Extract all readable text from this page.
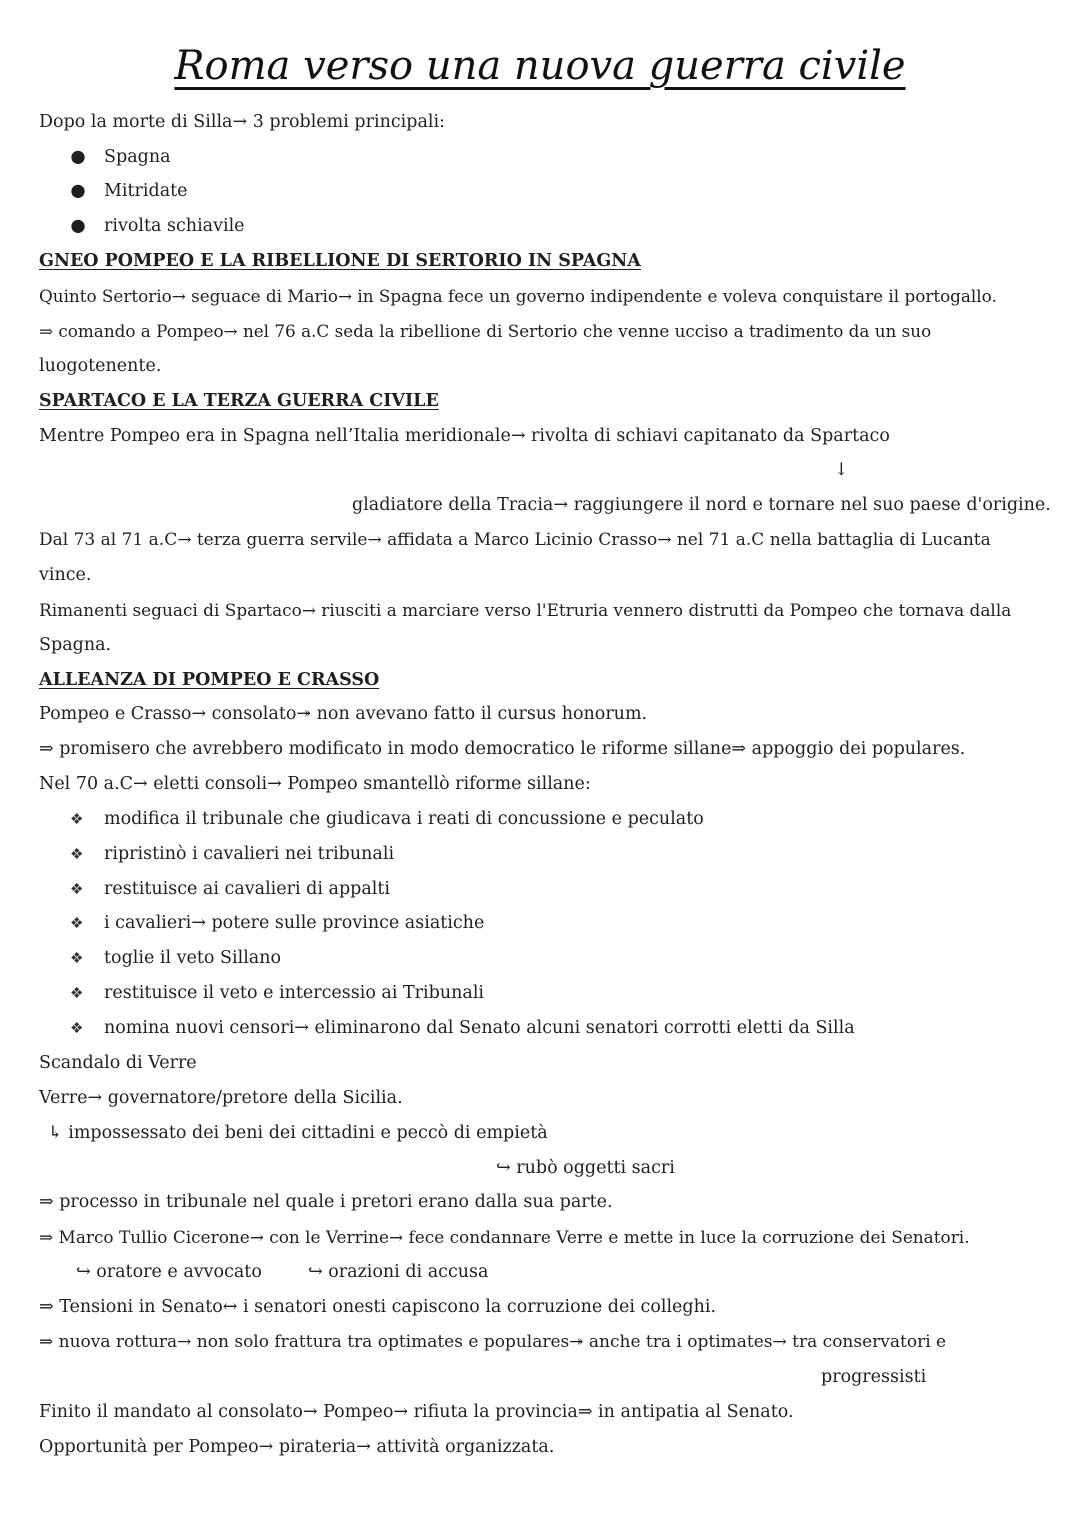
Roma verso una nuova guerra civile
Dopo la morte di Silla→ 3 problemi principali:
● Spagna
● Mitridate
● rivolta schiavile
GNEO POMPEO E LA RIBELLIONE DI SERTORIO IN SPAGNA
Quinto Sertorio→ seguace di Mario→ in Spagna fece un governo indipendente e voleva conquistare il portogallo.
⇒ comando a Pompeo→ nel 76 a.C seda la ribellione di Sertorio che venne ucciso a tradimento da un suo
luogotenente.
SPARTACO E LA TERZA GUERRA CIVILE
Mentre Pompeo era in Spagna nell’Italia meridionale→ rivolta di schiavi capitanato da Spartaco
↓
gladiatore della Tracia→ raggiungere il nord e tornare nel suo paese d'origine.
Dal 73 al 71 a.C→ terza guerra servile→ affidata a Marco Licinio Crasso→ nel 71 a.C nella battaglia di Lucanta
vince.
Rimanenti seguaci di Spartaco→ riusciti a marciare verso l'Etruria vennero distrutti da Pompeo che tornava dalla
Spagna.
ALLEANZA DI POMPEO E CRASSO
Pompeo e Crasso→ consolato↠ non avevano fatto il cursus honorum.
⇒ promisero che avrebbero modificato in modo democratico le riforme sillane⇒ appoggio dei populares.
Nel 70 a.C→ eletti consoli→ Pompeo smantellò riforme sillane:
❖ modifica il tribunale che giudicava i reati di concussione e peculato
❖ ripristinò i cavalieri nei tribunali
❖ restituisce ai cavalieri di appalti
❖ i cavalieri→ potere sulle province asiatiche
❖ toglie il veto Sillano
❖ restituisce il veto e intercessio ai Tribunali
❖ nomina nuovi censori→ eliminarono dal Senato alcuni senatori corrotti eletti da Silla
Scandalo di Verre
Verre→ governatore/pretore della Sicilia.
↳ impossessato dei beni dei cittadini e peccò di empietà
↪ rubò oggetti sacri
⇒ processo in tribunale nel quale i pretori erano dalla sua parte.
⇒ Marco Tullio Cicerone→ con le Verrine→ fece condannare Verre e mette in luce la corruzione dei Senatori.
↪ oratore e avvocato	↪ orazioni di accusa
⇒ Tensioni in Senato↔ i senatori onesti capiscono la corruzione dei colleghi.
⇒ nuova rottura→ non solo frattura tra optimates e populares↠ anche tra i optimates→ tra conservatori e
progressisti
Finito il mandato al consolato→ Pompeo→ rifiuta la provincia⇒ in antipatia al Senato.
Opportunità per Pompeo→ pirateria→ attività organizzata.
